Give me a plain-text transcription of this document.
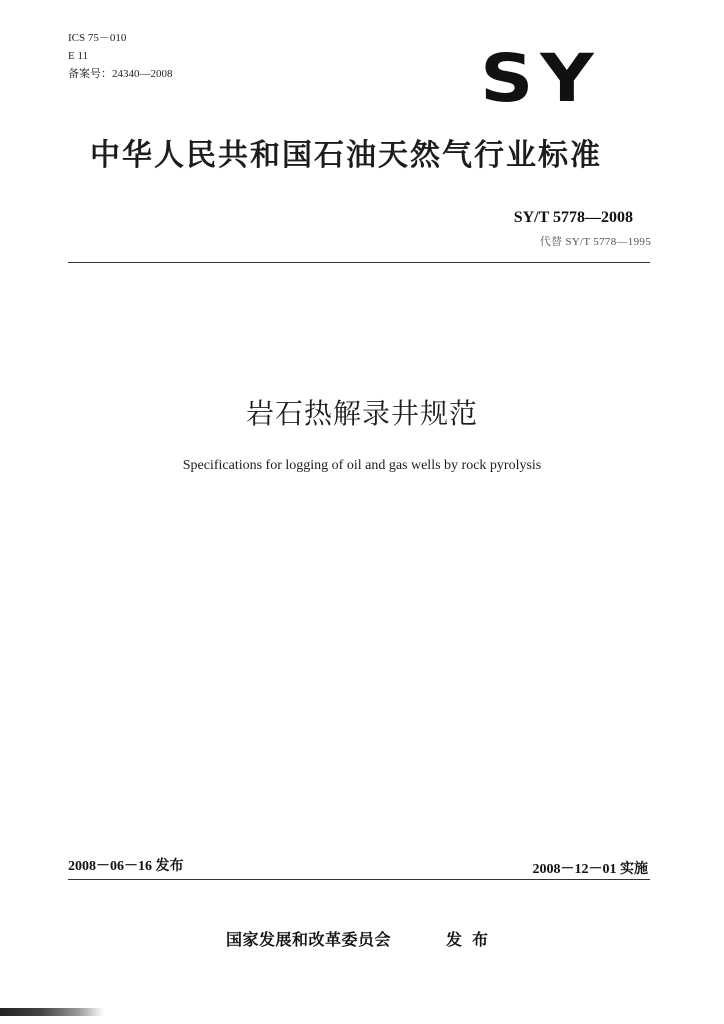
ICS 75－010
E 11
备案号：24340—2008	SY
中华人民共和国石油天然气行业标准
SY/T 5778—2008
代替 SY/T 5778—1995
岩石热解录井规范
Specifications for logging of oil and gas wells by rock pyrolysis
2008－06－16 发布	2008－12－01 实施
国家发展和改革委员会	发布
